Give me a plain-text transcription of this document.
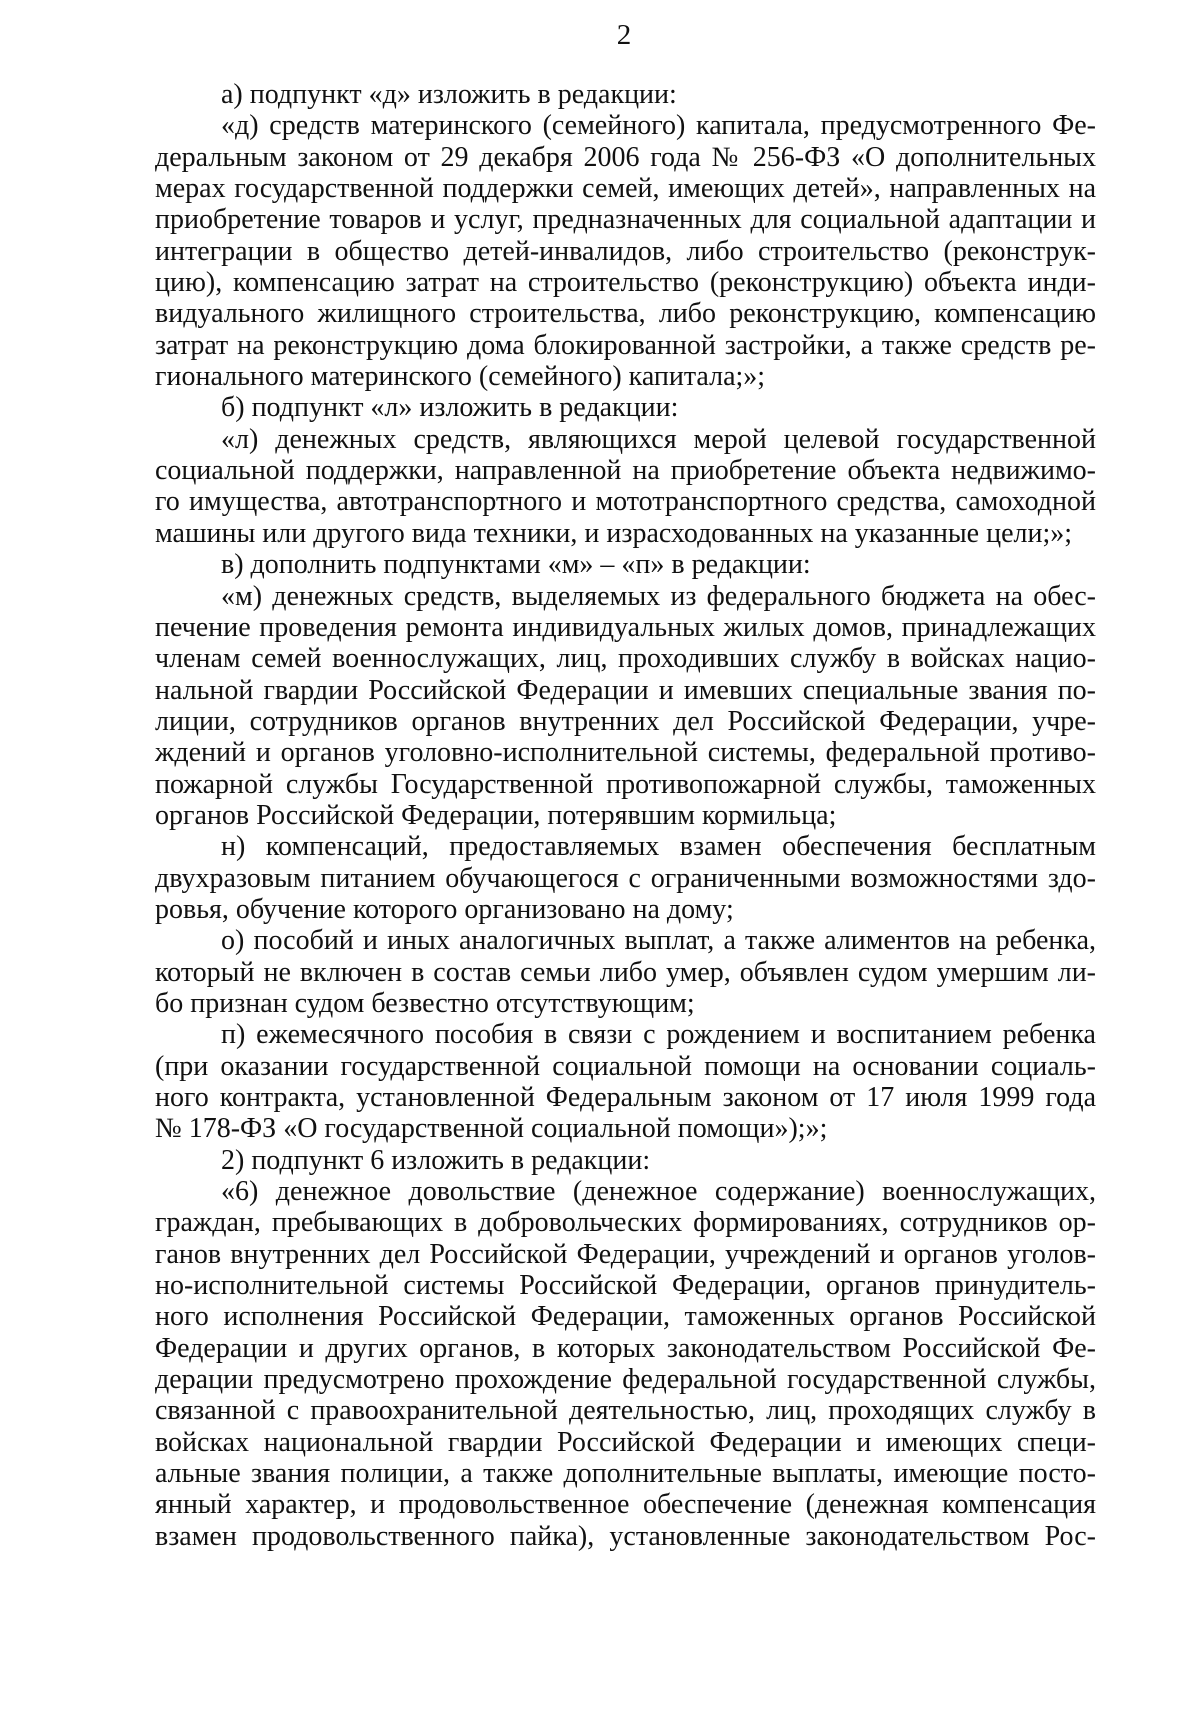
2
а) подпункт «д» изложить в редакции:
«д) средств материнского (семейного) капитала, предусмотренного Фе-
деральным законом от 29 декабря 2006 года № 256-ФЗ «О дополнительных
мерах государственной поддержки семей, имеющих детей», направленных на
приобретение товаров и услуг, предназначенных для социальной адаптации и
интеграции в общество детей-инвалидов, либо строительство (реконструк-
цию), компенсацию затрат на строительство (реконструкцию) объекта инди-
видуального жилищного строительства, либо реконструкцию, компенсацию
затрат на реконструкцию дома блокированной застройки, а также средств ре-
гионального материнского (семейного) капитала;»;
б) подпункт «л» изложить в редакции:
«л) денежных средств, являющихся мерой целевой государственной
социальной поддержки, направленной на приобретение объекта недвижимо-
го имущества, автотранспортного и мототранспортного средства, самоходной
машины или другого вида техники, и израсходованных на указанные цели;»;
в) дополнить подпунктами «м» – «п» в редакции:
«м) денежных средств, выделяемых из федерального бюджета на обес-
печение проведения ремонта индивидуальных жилых домов, принадлежащих
членам семей военнослужащих, лиц, проходивших службу в войсках нацио-
нальной гвардии Российской Федерации и имевших специальные звания по-
лиции, сотрудников органов внутренних дел Российской Федерации, учре-
ждений и органов уголовно-исполнительной системы, федеральной противо-
пожарной службы Государственной противопожарной службы, таможенных
органов Российской Федерации, потерявшим кормильца;
н) компенсаций, предоставляемых взамен обеспечения бесплатным
двухразовым питанием обучающегося с ограниченными возможностями здо-
ровья, обучение которого организовано на дому;
о) пособий и иных аналогичных выплат, а также алиментов на ребенка,
который не включен в состав семьи либо умер, объявлен судом умершим ли-
бо признан судом безвестно отсутствующим;
п) ежемесячного пособия в связи с рождением и воспитанием ребенка
(при оказании государственной социальной помощи на основании социаль-
ного контракта, установленной Федеральным законом от 17 июля 1999 года
№ 178-ФЗ «О государственной социальной помощи»);»;
2) подпункт 6 изложить в редакции:
«6) денежное довольствие (денежное содержание) военнослужащих,
граждан, пребывающих в добровольческих формированиях, сотрудников ор-
ганов внутренних дел Российской Федерации, учреждений и органов уголов-
но-исполнительной системы Российской Федерации, органов принудитель-
ного исполнения Российской Федерации, таможенных органов Российской
Федерации и других органов, в которых законодательством Российской Фе-
дерации предусмотрено прохождение федеральной государственной службы,
связанной с правоохранительной деятельностью, лиц, проходящих службу в
войсках национальной гвардии Российской Федерации и имеющих специ-
альные звания полиции, а также дополнительные выплаты, имеющие посто-
янный характер, и продовольственное обеспечение (денежная компенсация
взамен продовольственного пайка), установленные законодательством Рос-
